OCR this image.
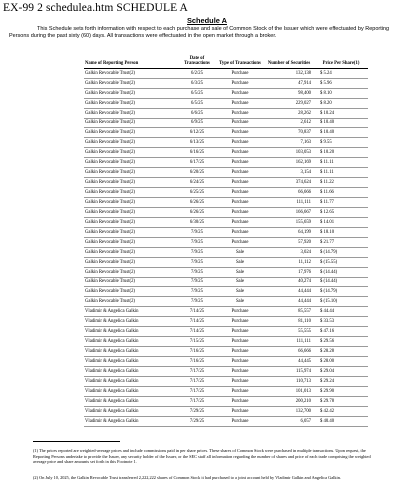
EX-99 2 schedulea.htm SCHEDULE A
Schedule A

This Schedule sets forth information with respect to each purchase and sale of Common Stock of the Issuer which were effectuated by Reporting Persons during the past sixty (60) days. All transactions were effectuated in the open market through a broker.

Name of Reporting Person	Date of Transactions	Type of Transactions	Number of Securities	Price Per Share(1)
Galkin Revocable Trust(2)	6/2/25	Purchase	132,138	$ 5.24
Galkin Revocable Trust(2)	6/3/25	Purchase	47,914	$ 5.96
Galkin Revocable Trust(2)	6/5/25	Purchase	98,400	$ 8.10
Galkin Revocable Trust(2)	6/5/25	Purchase	229,027	$ 8.20
Galkin Revocable Trust(2)	6/6/25	Purchase	28,262	$ 10.24
Galkin Revocable Trust(2)	6/9/25	Purchase	2,612	$ 10.40
Galkin Revocable Trust(2)	6/12/25	Purchase	70,837	$ 10.40
Galkin Revocable Trust(2)	6/13/25	Purchase	7,163	$ 9.55
Galkin Revocable Trust(2)	6/16/25	Purchase	103,053	$ 10.20
Galkin Revocable Trust(2)	6/17/25	Purchase	162,169	$ 11.11
Galkin Revocable Trust(2)	6/20/25	Purchase	3,154	$ 11.11
Galkin Revocable Trust(2)	6/24/25	Purchase	374,624	$ 11.22
Galkin Revocable Trust(2)	6/25/25	Purchase	66,666	$ 11.66
Galkin Revocable Trust(2)	6/26/25	Purchase	111,111	$ 11.77
Galkin Revocable Trust(2)	6/26/25	Purchase	166,667	$ 12.65
Galkin Revocable Trust(2)	6/30/25	Purchase	155,659	$ 14.01
Galkin Revocable Trust(2)	7/9/25	Purchase	64,199	$ 18.10
Galkin Revocable Trust(2)	7/9/25	Purchase	57,920	$ 21.77
Galkin Revocable Trust(2)	7/9/25	Sale	3,024	$ (14.79)
Galkin Revocable Trust(2)	7/9/25	Sale	11,112	$ (15.55)
Galkin Revocable Trust(2)	7/9/25	Sale	17,976	$ (14.44)
Galkin Revocable Trust(2)	7/9/25	Sale	40,274	$ (14.44)
Galkin Revocable Trust(2)	7/9/25	Sale	44,444	$ (14.79)
Galkin Revocable Trust(2)	7/9/25	Sale	44,444	$ (15.10)
Vladimir & Angelica Galkin	7/14/25	Purchase	85,557	$ 44.44
Vladimir & Angelica Galkin	7/14/25	Purchase	81,110	$ 33.53
Vladimir & Angelica Galkin	7/14/25	Purchase	55,555	$ 47.16
Vladimir & Angelica Galkin	7/15/25	Purchase	111,111	$ 29.56
Vladimir & Angelica Galkin	7/16/25	Purchase	66,666	$ 28.28
Vladimir & Angelica Galkin	7/16/25	Purchase	44,445	$ 28.00
Vladimir & Angelica Galkin	7/17/25	Purchase	115,974	$ 29.04
Vladimir & Angelica Galkin	7/17/25	Purchase	110,713	$ 29.24
Vladimir & Angelica Galkin	7/17/25	Purchase	101,013	$ 29.90
Vladimir & Angelica Galkin	7/17/25	Purchase	200,210	$ 29.78
Vladimir & Angelica Galkin	7/29/25	Purchase	132,700	$ 42.42
Vladimir & Angelica Galkin	7/29/25	Purchase	6,057	$ 40.40

(1) The prices reported are weighted-average prices and include commissions paid in per share prices. These shares of Common Stock were purchased in multiple transactions. Upon request, the Reporting Persons undertake to provide the Issuer, any security holder of the Issuer, or the SEC staff all information regarding the number of shares and price of each trade comprising the weighted average price and share amounts set forth in this Footnote 1.

(2) On July 10, 2025, the Galkin Revocable Trust transferred 2,222,222 shares of Common Stock it had purchased to a joint account held by Vladimir Galkin and Angelica Galkin.
